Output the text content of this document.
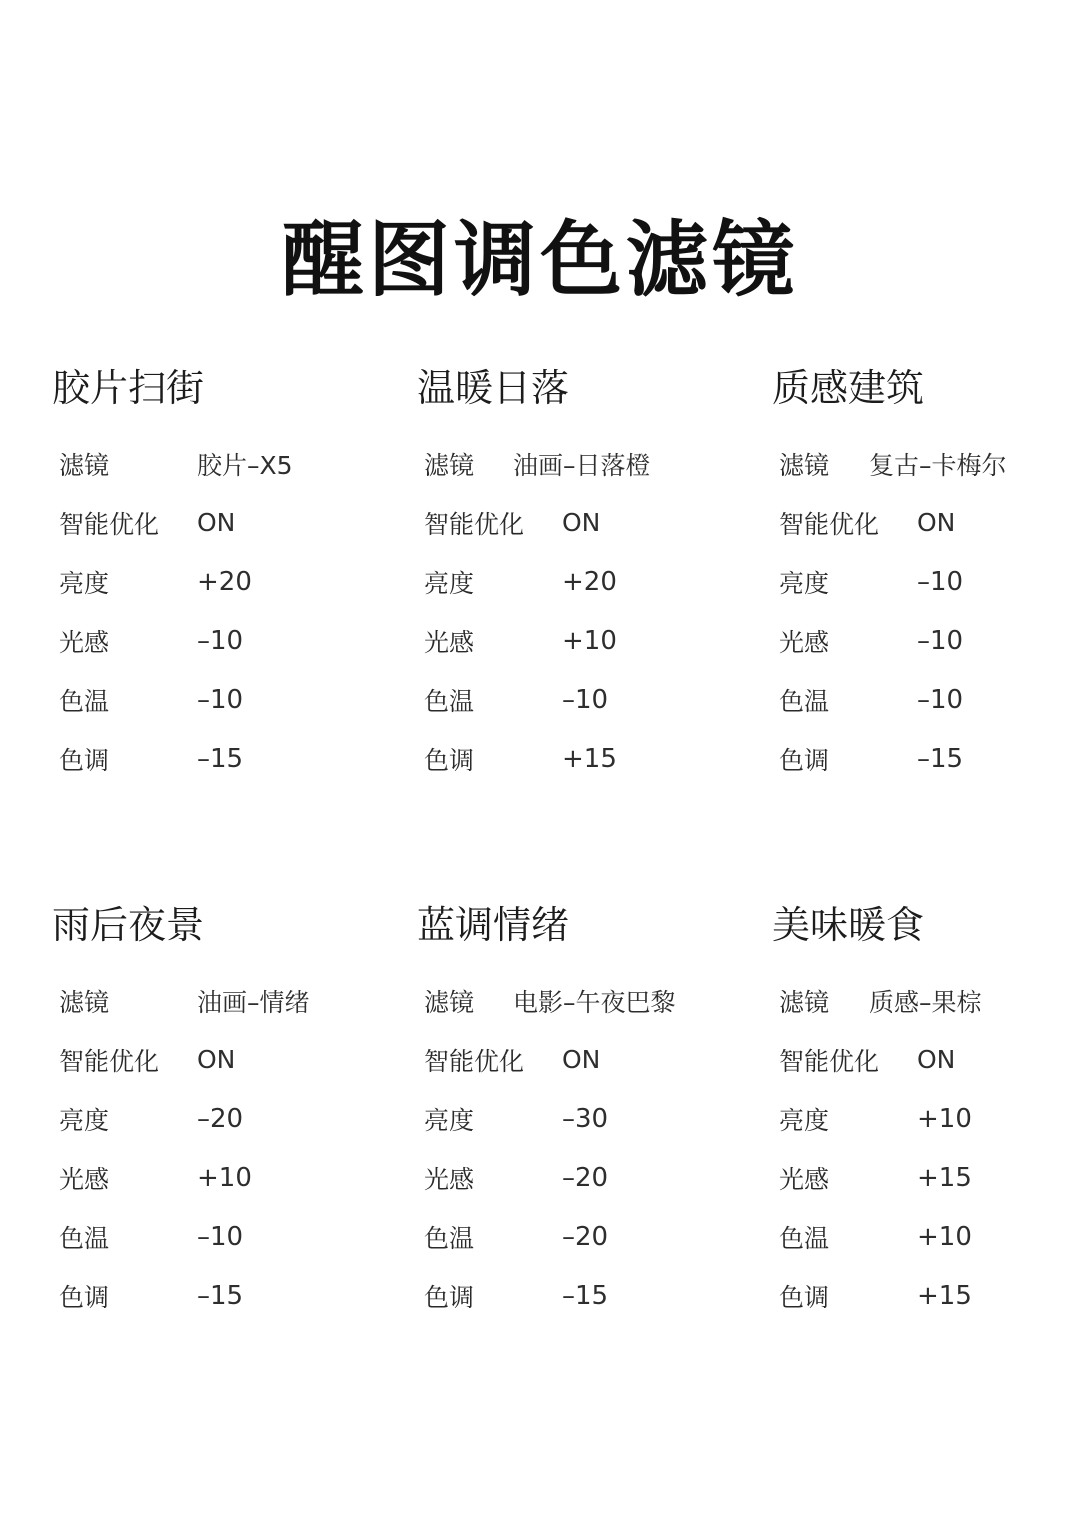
醒图调色滤镜
胶片扫街
滤镜	胶片–X5
智能优化	ON
亮度	+20
光感	–10
色温	–10
色调	–15
温暖日落
滤镜	油画–日落橙
智能优化	ON
亮度	+20
光感	+10
色温	–10
色调	+15
质感建筑
滤镜	复古–卡梅尔
智能优化	ON
亮度	–10
光感	–10
色温	–10
色调	–15
雨后夜景
滤镜	油画–情绪
智能优化	ON
亮度	–20
光感	+10
色温	–10
色调	–15
蓝调情绪
滤镜	电影–午夜巴黎
智能优化	ON
亮度	–30
光感	–20
色温	–20
色调	–15
美味暖食
滤镜	质感–果棕
智能优化	ON
亮度	+10
光感	+15
色温	+10
色调	+15
